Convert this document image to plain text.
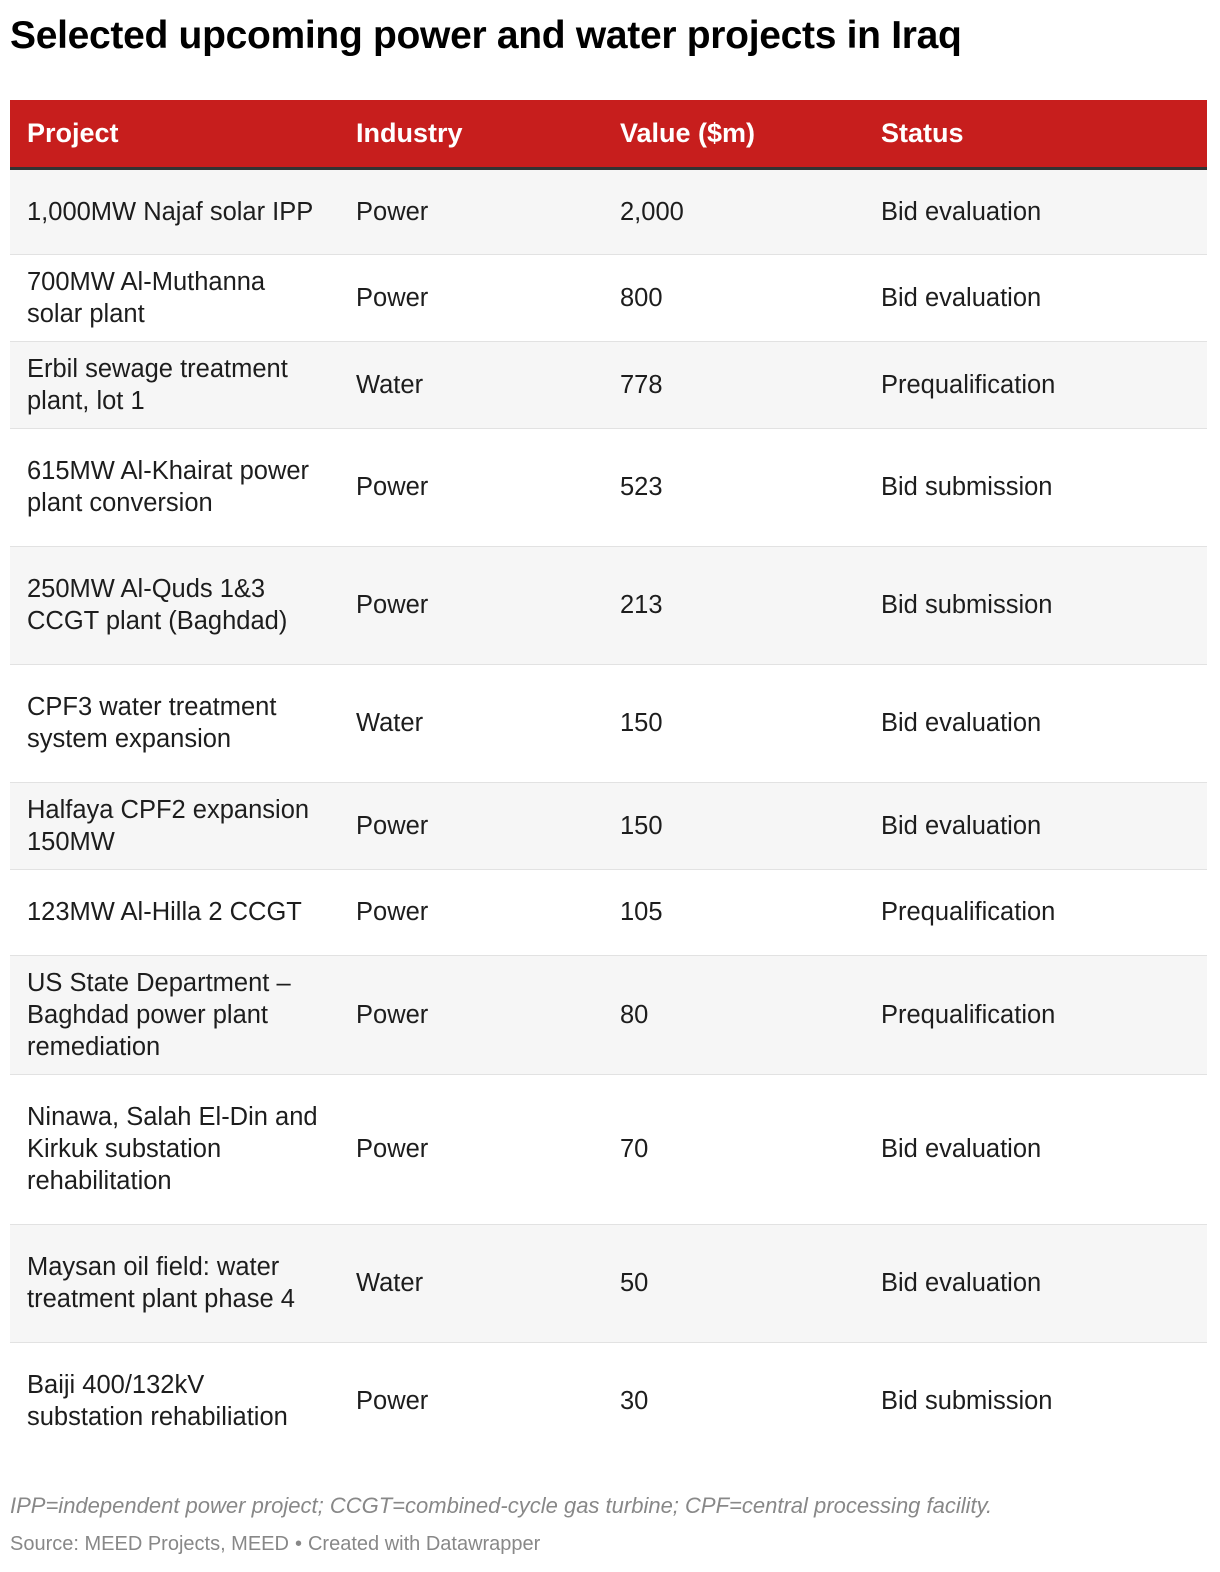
Selected upcoming power and water projects in Iraq
Project	Industry	Value ($m)	Status
1,000MW Najaf solar IPP	Power	2,000	Bid evaluation
700MW Al-Muthanna solar plant	Power	800	Bid evaluation
Erbil sewage treatment plant, lot 1	Water	778	Prequalification
615MW Al-Khairat power plant conversion	Power	523	Bid submission
250MW Al-Quds 1&3 CCGT plant (Baghdad)	Power	213	Bid submission
CPF3 water treatment system expansion	Water	150	Bid evaluation
Halfaya CPF2 expansion 150MW	Power	150	Bid evaluation
123MW Al-Hilla 2 CCGT	Power	105	Prequalification
US State Department – Baghdad power plant remediation	Power	80	Prequalification
Ninawa, Salah El-Din and Kirkuk substation rehabilitation	Power	70	Bid evaluation
Maysan oil field: water treatment plant phase 4	Water	50	Bid evaluation
Baiji 400/132kV substation rehabiliation	Power	30	Bid submission

IPP=independent power project; CCGT=combined-cycle gas turbine; CPF=central processing facility.

Source: MEED Projects, MEED • Created with Datawrapper
